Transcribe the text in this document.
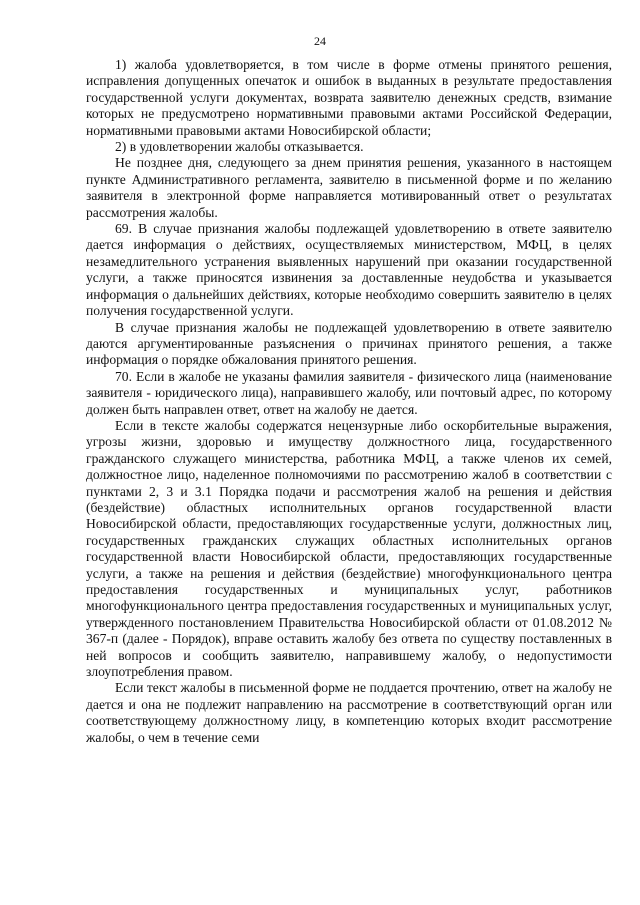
24

1) жалоба удовлетворяется, в том числе в форме отмены принятого решения, исправления допущенных опечаток и ошибок в выданных в результате предоставления государственной услуги документах, возврата заявителю денежных средств, взимание которых не предусмотрено нормативными правовыми актами Российской Федерации, нормативными правовыми актами Новосибирской области;

2) в удовлетворении жалобы отказывается.

Не позднее дня, следующего за днем принятия решения, указанного в настоящем пункте Административного регламента, заявителю в письменной форме и по желанию заявителя в электронной форме направляется мотивированный ответ о результатах рассмотрения жалобы.

69. В случае признания жалобы подлежащей удовлетворению в ответе заявителю дается информация о действиях, осуществляемых министерством, МФЦ, в целях незамедлительного устранения выявленных нарушений при оказании государственной услуги, а также приносятся извинения за доставленные неудобства и указывается информация о дальнейших действиях, которые необходимо совершить заявителю в целях получения государственной услуги.

В случае признания жалобы не подлежащей удовлетворению в ответе заявителю даются аргументированные разъяснения о причинах принятого решения, а также информация о порядке обжалования принятого решения.

70. Если в жалобе не указаны фамилия заявителя - физического лица (наименование заявителя - юридического лица), направившего жалобу, или почтовый адрес, по которому должен быть направлен ответ, ответ на жалобу не дается.

Если в тексте жалобы содержатся нецензурные либо оскорбительные выражения, угрозы жизни, здоровью и имуществу должностного лица, государственного гражданского служащего министерства, работника МФЦ, а также членов их семей, должностное лицо, наделенное полномочиями по рассмотрению жалоб в соответствии с пунктами 2, 3 и 3.1 Порядка подачи и рассмотрения жалоб на решения и действия (бездействие) областных исполнительных органов государственной власти Новосибирской области, предоставляющих государственные услуги, должностных лиц, государственных гражданских служащих областных исполнительных органов государственной власти Новосибирской области, предоставляющих государственные услуги, а также на решения и действия (бездействие) многофункционального центра предоставления государственных и муниципальных услуг, работников многофункционального центра предоставления государственных и муниципальных услуг, утвержденного постановлением Правительства Новосибирской области от 01.08.2012 № 367-п (далее - Порядок), вправе оставить жалобу без ответа по существу поставленных в ней вопросов и сообщить заявителю, направившему жалобу, о недопустимости злоупотребления правом.

Если текст жалобы в письменной форме не поддается прочтению, ответ на жалобу не дается и она не подлежит направлению на рассмотрение в соответствующий орган или соответствующему должностному лицу, в компетенцию которых входит рассмотрение жалобы, о чем в течение семи
